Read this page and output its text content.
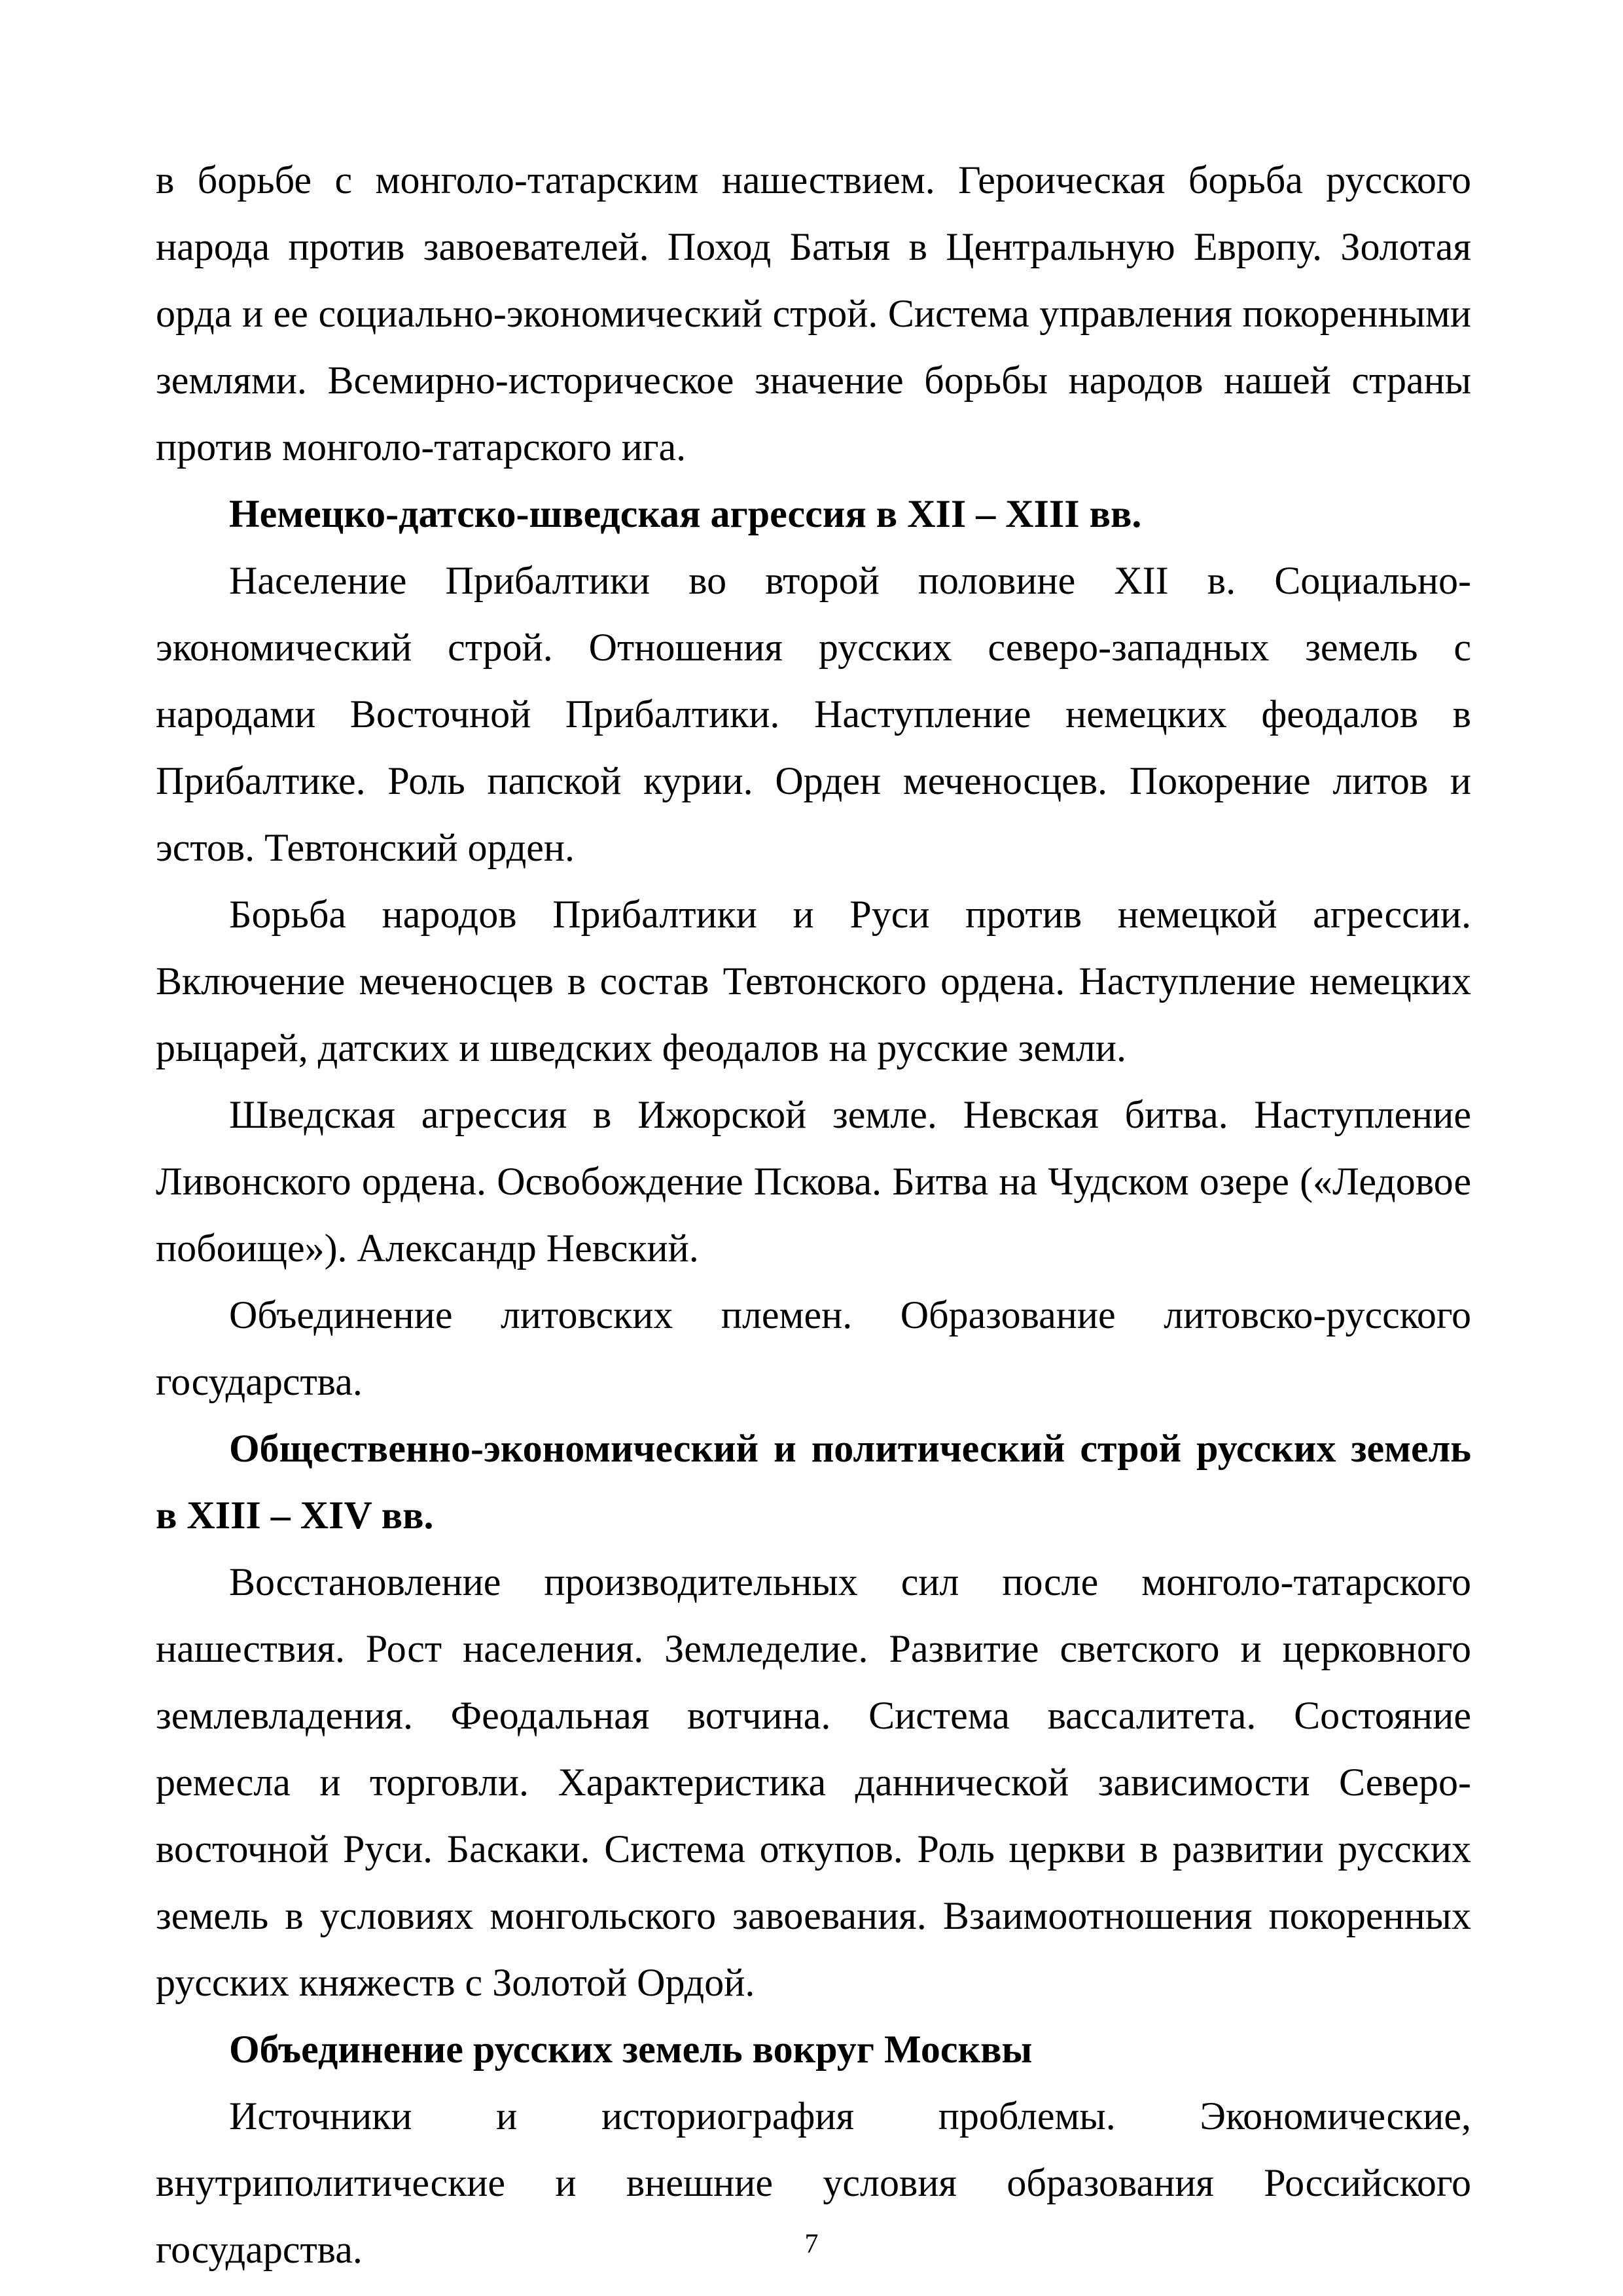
в борьбе с монголо-татарским нашествием. Героическая борьба русского народа против завоевателей. Поход Батыя в Центральную Европу. Золотая орда и ее социально-экономический строй. Система управления покоренными землями. Всемирно-историческое значение борьбы народов нашей страны против монголо-татарского ига.

Немецко-датско-шведская агрессия в XII – XIII вв.

Население Прибалтики во второй половине XII в. Социально-экономический строй. Отношения русских северо-западных земель с народами Восточной Прибалтики. Наступление немецких феодалов в Прибалтике. Роль папской курии. Орден меченосцев. Покорение литов и эстов. Тевтонский орден.

Борьба народов Прибалтики и Руси против немецкой агрессии. Включение меченосцев в состав Тевтонского ордена. Наступление немецких рыцарей, датских и шведских феодалов на русские земли.

Шведская агрессия в Ижорской земле. Невская битва. Наступление Ливонского ордена. Освобождение Пскова. Битва на Чудском озере («Ледовое побоище»). Александр Невский.

Объединение литовских племен. Образование литовско-русского государства.

Общественно-экономический и политический строй русских земель в XIII – XIV вв.

Восстановление производительных сил после монголо-татарского нашествия. Рост населения. Земледелие. Развитие светского и церковного землевладения. Феодальная вотчина. Система вассалитета. Состояние ремесла и торговли. Характеристика даннической зависимости Северо-восточной Руси. Баскаки. Система откупов. Роль церкви в развитии русских земель в условиях монгольского завоевания. Взаимоотношения покоренных русских княжеств с Золотой Ордой.

Объединение русских земель вокруг Москвы

Источники и историография проблемы. Экономические, внутриполитические и внешние условия образования Российского государства.	7
